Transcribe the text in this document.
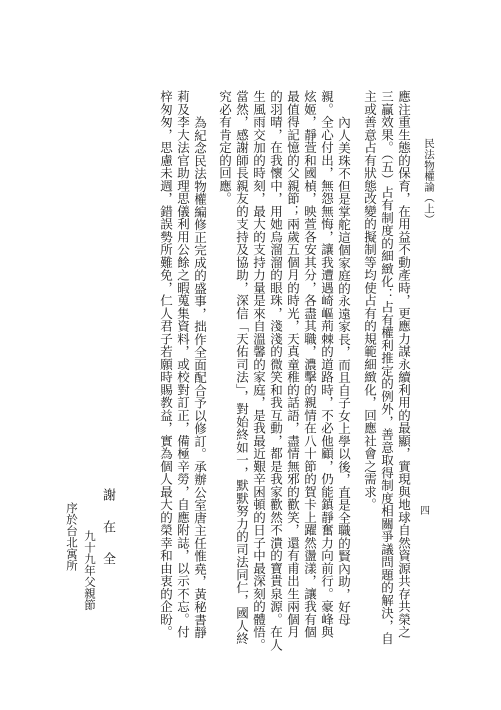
民法物權論（上）
四
應注重生態的保育，在用益不動產時，更應力謀永續利用的最顯，實現與地球自然資源共存共榮之
三贏效果。（五）占有制度的細緻化：占有權利推定的例外，善意取得制度相關爭議問題的解決，自
主或善意占有狀態改變的擬制等均使占有的規範細緻化，回應社會之需求。
內人美珠不但是掌舵這個家庭的永遠家長，而且自子女上學以後，直是全職的賢內助，好母
親。全心付出，無怨無悔，讓我遭遇崎嶇荊棘的道路時，不必他顧，仍能鎮靜奮力向前行。豪峰與
炫姬，靜萱和國楨，映萱各安其分，各盡其職，濃擊的親情在八十節的賀卡上躍然盪漾，讓我有個
最值得記憶的父親節；兩歲五個月的時光，天真童稚的話語，盡情無邪的歡笑，還有甫出生兩個月
的羽晴，在我懷中，用她烏溜溜的眼珠，淺淺的微笑和我互動，都是我家歡然不潰的寶貴泉源。在人
生風雨交加的時刻，最大的支持力量是來自溫馨的家庭，是我最近艱辛困頓的日子中最深刻的體悟。
當然，感謝師長親友的支持及協助，深信「天佑司法」，對始終如一，默默努力的司法同仁，國人終
究必有肯定的回應。
為紀念民法物權編修正完成的盛事，拙作全面配合予以修訂。承辦公室唐主任惟堯，黃秘書靜
莉及李大法官助理思儀利用公餘之暇蒐集資料，或校對訂正，備極辛勞，自應附誌，以示不忘。付
梓匆匆，思慮未週，錯誤勢所難免，仁人君子若願時賜教益，實為個人最大的榮幸和由衷的企盼。
謝　在　全
九十九年父親節
序於台北寓所
